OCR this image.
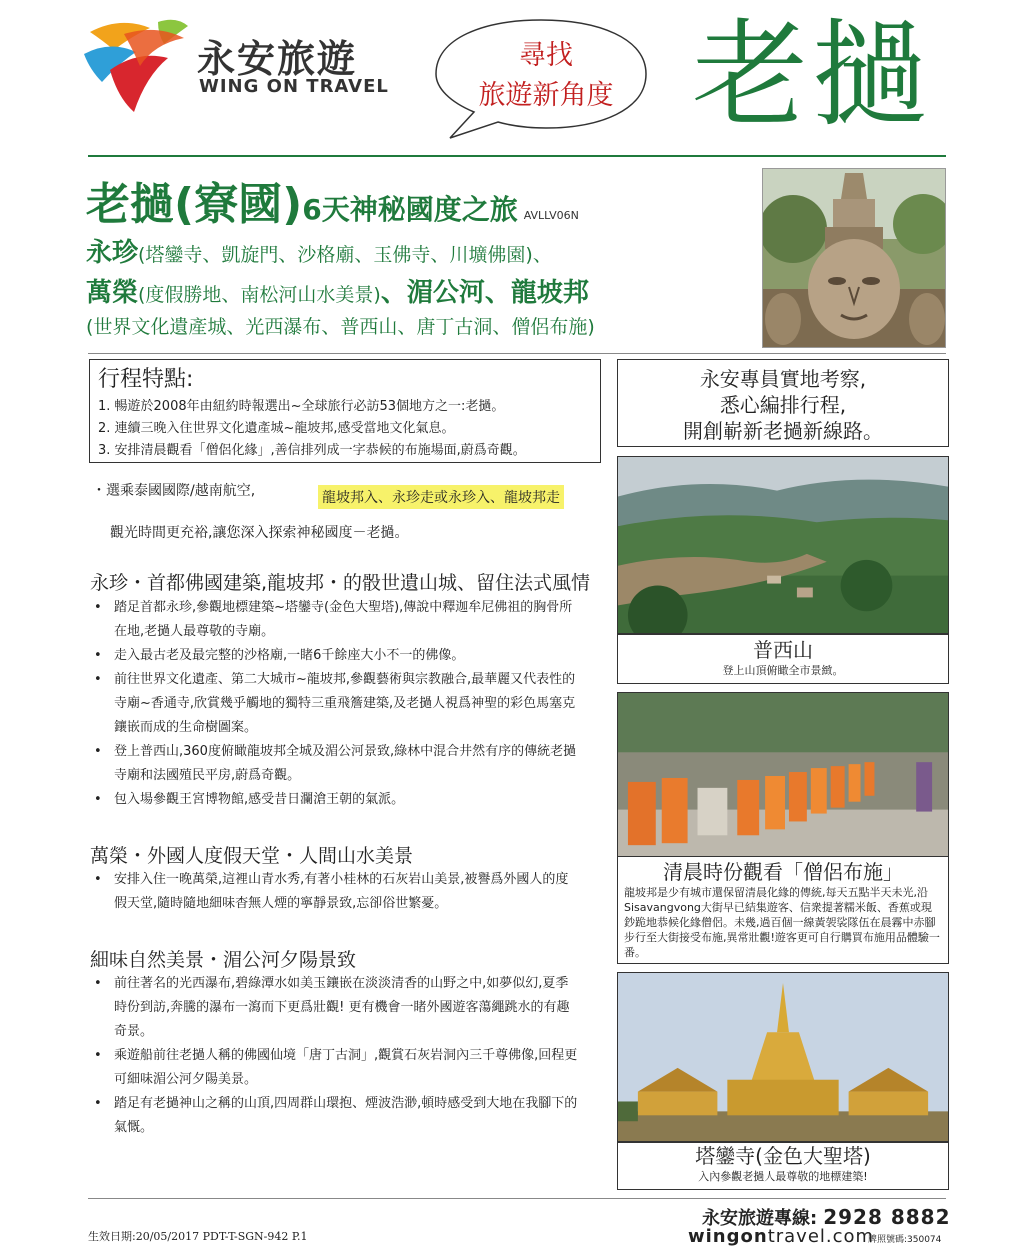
永安旅遊
WING ON TRAVEL
尋找
旅遊新角度 老撾
老撾(寮國)6天神秘國度之旅 AVLLV06N
永珍(塔鑾寺、凱旋門、沙格廟、玉佛寺、川壙佛園)、
萬榮(度假勝地、南松河山水美景)、湄公河、龍坡邦
(世界文化遺產城、光西瀑布、普西山、唐丁古洞、僧侶布施)
行程特點:
1. 暢遊於2008年由紐約時報選出~全球旅行必訪53個地方之一:老撾。
2. 連續三晚入住世界文化遺產城~龍坡邦,感受當地文化氣息。
3. 安排清晨觀看「僧侶化緣」,善信排列成一字恭候的布施場面,蔚爲奇觀。
永安專員實地考察,
悉心編排行程,
開創嶄新老撾新線路。
・選乘泰國國際/越南航空,	龍坡邦入、永珍走或永珍入、龍坡邦走
觀光時間更充裕,讓您深入探索神秘國度－老撾。
永珍・首都佛國建築,龍坡邦・的骰世遺山城、留住法式風情
• 踏足首都永珍,參觀地標建築~塔鑾寺(金色大聖塔),傳說中釋迦牟尼佛祖的胸骨所在地,老撾人最尊敬的寺廟。
• 走入最古老及最完整的沙格廟,一睹6千餘座大小不一的佛像。
• 前往世界文化遺產、第二大城市~龍坡邦,參觀藝術與宗教融合,最華麗又代表性的寺廟~香通寺,欣賞幾乎觸地的獨特三重飛簷建築,及老撾人視爲神聖的彩色馬塞克鑲嵌而成的生命樹圖案。
• 登上普西山,360度俯瞰龍坡邦全城及湄公河景致,綠林中混合井然有序的傳統老撾寺廟和法國殖民平房,蔚爲奇觀。
• 包入場參觀王宮博物館,感受昔日瀾滄王朝的氣派。
萬榮・外國人度假天堂・人間山水美景
• 安排入住一晚萬榮,這裡山青水秀,有著小桂林的石灰岩山美景,被譽爲外國人的度假天堂,隨時隨地細味杳無人煙的寧靜景致,忘卻俗世繁憂。
細味自然美景・湄公河夕陽景致
• 前往著名的光西瀑布,碧綠潭水如美玉鑲嵌在淡淡清香的山野之中,如夢似幻,夏季時份到訪,奔騰的瀑布一瀉而下更爲壯觀! 更有機會一睹外國遊客蕩繩跳水的有趣奇景。
• 乘遊船前往老撾人稱的佛國仙境「唐丁古洞」,觀賞石灰岩洞內三千尊佛像,回程更可細味湄公河夕陽美景。
• 踏足有老撾神山之稱的山頂,四周群山環抱、煙波浩渺,頓時感受到大地在我腳下的氣慨。
普西山
登上山頂俯瞰全市景緻。
清晨時份觀看「僧侶布施」
龍坡邦是少有城市還保留清晨化緣的傳統,每天五點半天未光,沿Sisavangvong大街早已結集遊客、信衆提著糯米飯、香蕉或現鈔跪地恭候化緣僧侶。未幾,過百個一線黃袈裟隊伍在晨霧中赤腳步行至大街接受布施,異常壯觀!遊客更可自行購買布施用品體驗一番。
塔鑾寺(金色大聖塔)
入內參觀老撾人最尊敬的地標建築!
生效日期:20/05/2017 PDT-T-SGN-942 P.1
永安旅遊專線: 2928 8882
wingontravel.com
牌照號碼:350074
